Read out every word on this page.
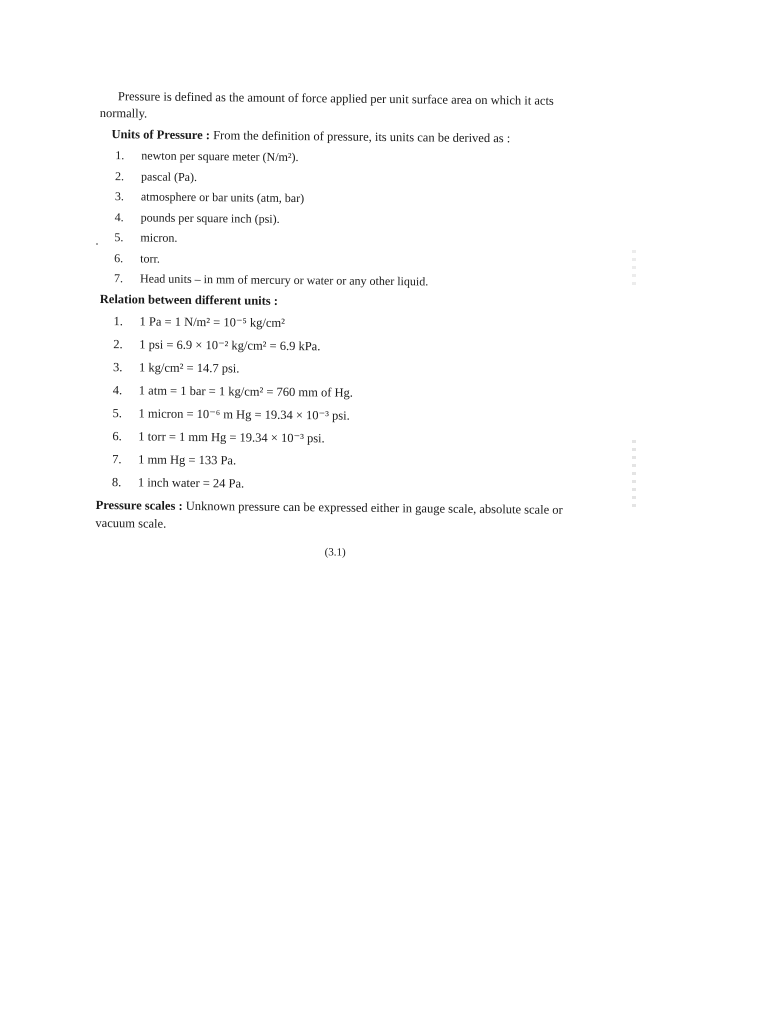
Pressure is defined as the amount of force applied per unit surface area on which it acts normally.

Units of Pressure : From the definition of pressure, its units can be derived as :

1.	newton per square meter (N/m²).
2.	pascal (Pa).
3.	atmosphere or bar units (atm, bar)
4.	pounds per square inch (psi).
5.	micron.
6.	torr.
7.	Head units – in mm of mercury or water or any other liquid.

Relation between different units :

1.	1 Pa = 1 N/m² = 10⁻⁵ kg/cm²
2.	1 psi = 6.9 × 10⁻² kg/cm² = 6.9 kPa.
3.	1 kg/cm² = 14.7 psi.
4.	1 atm = 1 bar = 1 kg/cm² = 760 mm of Hg.
5.	1 micron = 10⁻⁶ m Hg = 19.34 × 10⁻³ psi.
6.	1 torr = 1 mm Hg = 19.34 × 10⁻³ psi.
7.	1 mm Hg = 133 Pa.
8.	1 inch water = 24 Pa.

Pressure scales : Unknown pressure can be expressed either in gauge scale, absolute scale or vacuum scale.

(3.1)
